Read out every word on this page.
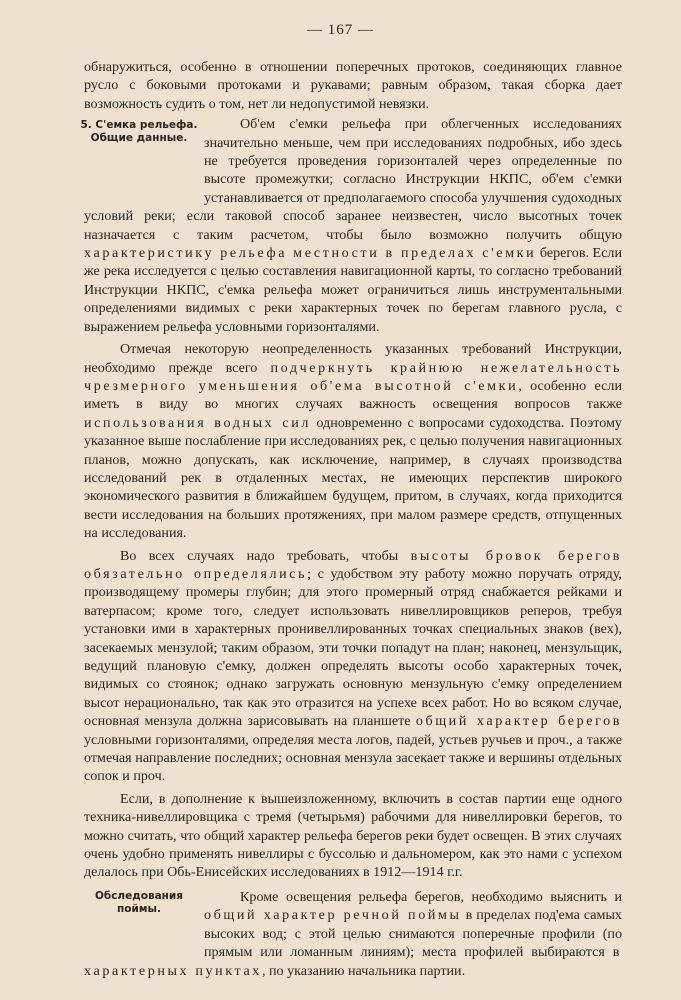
— 167 —

обнаружиться, особенно в отношении поперечных протоков, соединяющих главное русло с боковыми протоками и рукавами; равным образом, такая сборка дает возможность судить о том, нет ли недопустимой невязки.

5. С'емка рельефа. Общие данные.

Об'ем с'емки рельефа при облегченных исследованиях значительно меньше, чем при исследованиях подробных, ибо здесь не требуется проведения горизонталей через определенные по высоте промежутки; согласно Инструкции НКПС, об'ем с'емки устанавливается от предполагаемого способа улучшения судоходных условий реки; если таковой способ заранее неизвестен, число высотных точек назначается с таким расчетом, чтобы было возможно получить общую характеристику рельефа местности в пределах с'емки берегов. Если же река исследуется с целью составления навигационной карты, то согласно требований Инструкции НКПС, с'емка рельефа может ограничиться лишь инструментальными определениями видимых с реки характерных точек по берегам главного русла, с выражением рельефа условными горизонталями.

Отмечая некоторую неопределенность указанных требований Инструкции, необходимо прежде всего подчеркнуть крайнюю нежелательность чрезмерного уменьшения об'ема высотной с'емки, особенно если иметь в виду во многих случаях важность освещения вопросов также использования водных сил одновременно с вопросами судоходства. Поэтому указанное выше послабление при исследованиях рек, с целью получения навигационных планов, можно допускать, как исключение, например, в случаях производства исследований рек в отдаленных местах, не имеющих перспектив широкого экономического развития в ближайшем будущем, притом, в случаях, когда приходится вести исследования на больших протяжениях, при малом размере средств, отпущенных на исследования.

Во всех случаях надо требовать, чтобы высоты бровок берегов обязательно определялись; с удобством эту работу можно поручать отряду, производящему промеры глубин; для этого промерный отряд снабжается рейками и ватерпасом; кроме того, следует использовать нивеллировщиков реперов, требуя установки ими в характерных пронивеллированных точках специальных знаков (вех), засекаемых мензулой; таким образом, эти точки попадут на план; наконец, мензульщик, ведущий плановую с'емку, должен определять высоты особо характерных точек, видимых со стоянок; однако загружать основную мензульную с'емку определением высот нерационально, так как это отразится на успехе всех работ. Но во всяком случае, основная мензула должна зарисовывать на планшете общий характер берегов условными горизонталями, определяя места логов, падей, устьев ручьев и проч., а также отмечая направление последних; основная мензула засекает также и вершины отдельных сопок и проч.

Если, в дополнение к вышеизложенному, включить в состав партии еще одного техника-нивеллировщика с тремя (четырьмя) рабочими для нивеллировки берегов, то можно считать, что общий характер рельефа берегов реки будет освещен. В этих случаях очень удобно применять нивеллиры с буссолью и дальномером, как это нами с успехом делалось при Обь-Енисейских исследованиях в 1912—1914 г.г.

Обследования поймы.

Кроме освещения рельефа берегов, необходимо выяснить и общий характер речной поймы в пределах под'ема самых высоких вод; с этой целью снимаются поперечные профили (по прямым или ломанным линиям); места профилей выбираются в характерных пунктах, по указанию начальника партии.
